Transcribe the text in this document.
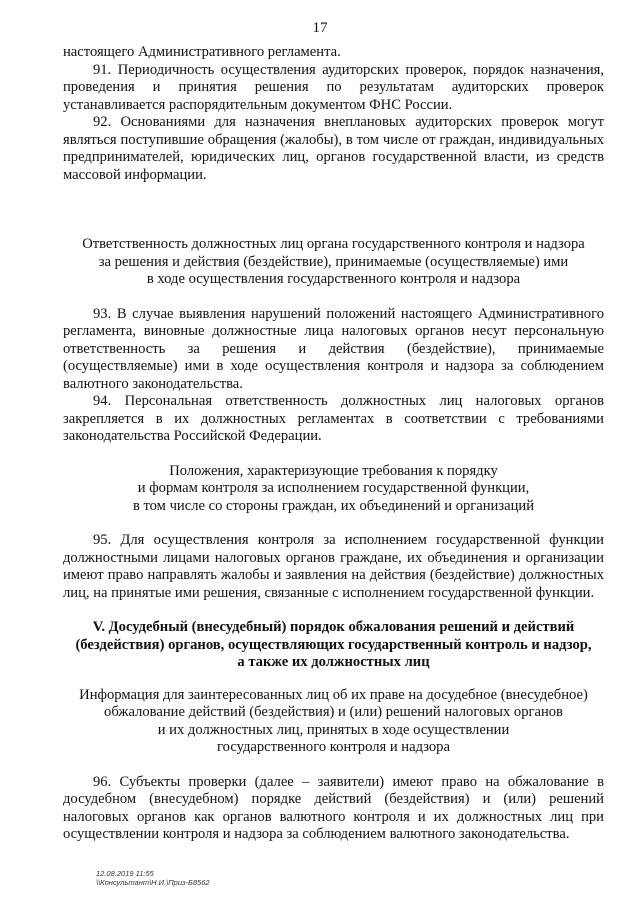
17

настоящего Административного регламента.

91. Периодичность осуществления аудиторских проверок, порядок назначения, проведения и принятия решения по результатам аудиторских проверок устанавливается распорядительным документом ФНС России.

92. Основаниями для назначения внеплановых аудиторских проверок могут являться поступившие обращения (жалобы), в том числе от граждан, индивидуальных предпринимателей, юридических лиц, органов государственной власти, из средств массовой информации.

Ответственность должностных лиц органа государственного контроля и надзора
за решения и действия (бездействие), принимаемые (осуществляемые) ими
в ходе осуществления государственного контроля и надзора

93. В случае выявления нарушений положений настоящего Административного регламента, виновные должностные лица налоговых органов несут персональную ответственность за решения и действия (бездействие), принимаемые (осуществляемые) ими в ходе осуществления контроля и надзора за соблюдением валютного законодательства.

94. Персональная ответственность должностных лиц налоговых органов закрепляется в их должностных регламентах в соответствии с требованиями законодательства Российской Федерации.

Положения, характеризующие требования к порядку
и формам контроля за исполнением государственной функции,
в том числе со стороны граждан, их объединений и организаций

95. Для осуществления контроля за исполнением государственной функции должностными лицами налоговых органов граждане, их объединения и организации имеют право направлять жалобы и заявления на действия (бездействие) должностных лиц, на принятые ими решения, связанные с исполнением государственной функции.

V. Досудебный (внесудебный) порядок обжалования решений и действий
(бездействия) органов, осуществляющих государственный контроль и надзор,
а также их должностных лиц
Информация для заинтересованных лиц об их праве на досудебное (внесудебное)
обжалование действий (бездействия) и (или) решений налоговых органов
и их должностных лиц, принятых в ходе осуществлении
государственного контроля и надзора

96. Субъекты проверки (далее – заявители) имеют право на обжалование в досудебном (внесудебном) порядке действий (бездействия) и (или) решений налоговых органов как органов валютного контроля и их должностных лиц при осуществлении контроля и надзора за соблюдением валютного законодательства.

12.08.2019 11:55
\\Консультант\Н.И.\Приз-Б8562
